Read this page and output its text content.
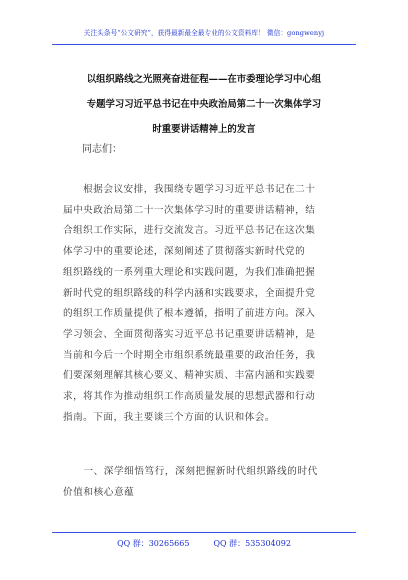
关注头条号“公文研究”，获得最新最全最专业的公文资料库！ 微信：gongwenyj
以组织路线之光照亮奋进征程——在市委理论学习中心组
专题学习习近平总书记在中央政治局第二十一次集体学习
时重要讲话精神上的发言
同志们：
　　根据会议安排，我围绕专题学习习近平总书记在二十
届中央政治局第二十一次集体学习时的重要讲话精神，结
合组织工作实际，进行交流发言。习近平总书记在这次集
体学习中的重要论述，深刻阐述了贯彻落实新时代党的
组织路线的一系列重大理论和实践问题，为我们准确把握
新时代党的组织路线的科学内涵和实践要求，全面提升党
的组织工作质量提供了根本遵循，指明了前进方向。深入
学习领会、全面贯彻落实习近平总书记重要讲话精神，是
当前和今后一个时期全市组织系统最重要的政治任务，我
们要深刻理解其核心要义、精神实质、丰富内涵和实践要
求，将其作为推动组织工作高质量发展的思想武器和行动
指南。下面，我主要谈三个方面的认识和体会。
　　一、深学细悟笃行，深刻把握新时代组织路线的时代
价值和核心意蕴
QQ 群：30265665　　　QQ 群：535304092
